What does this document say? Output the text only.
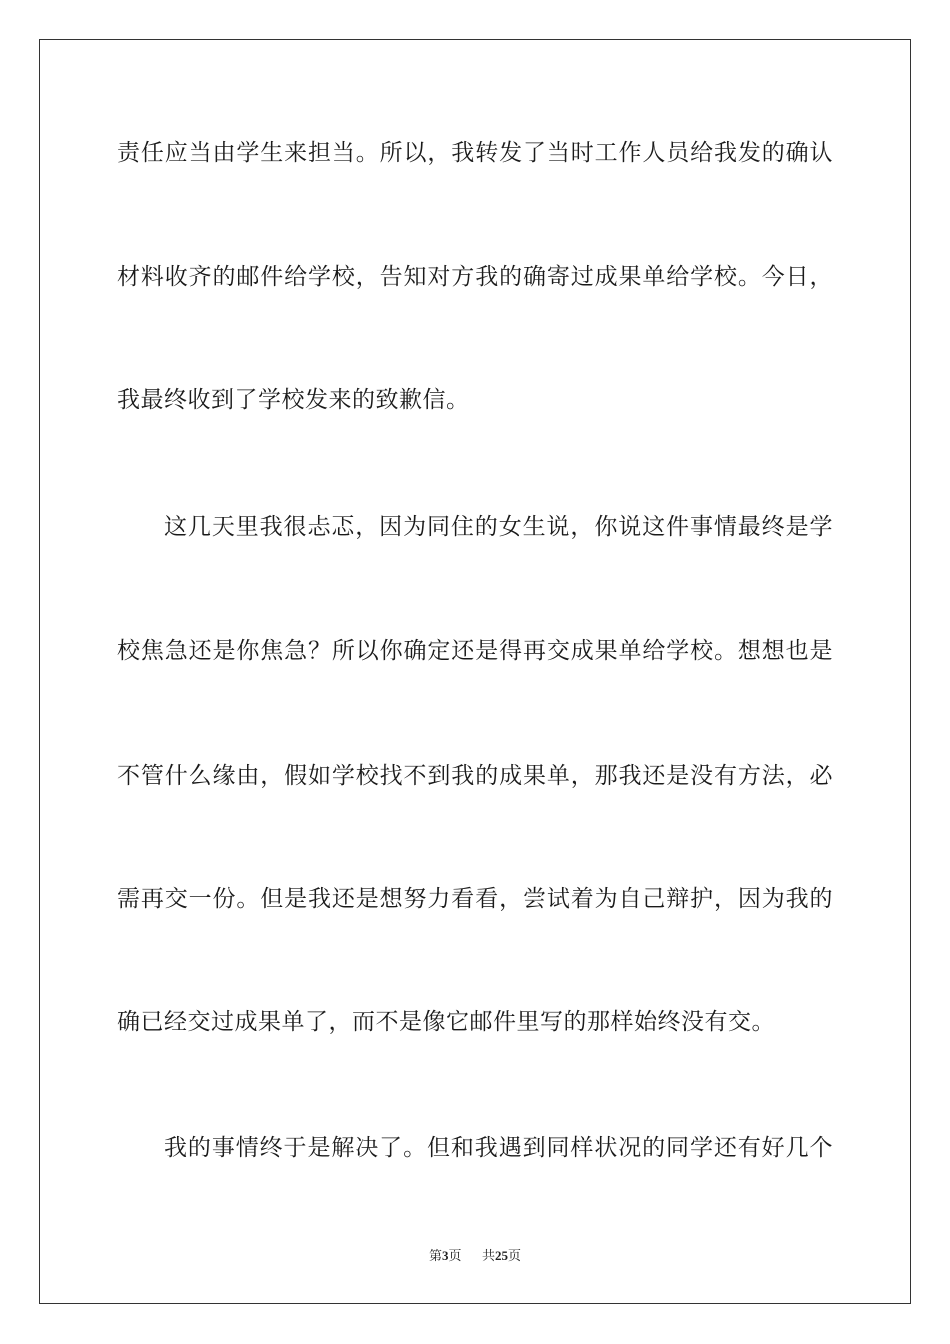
责任应当由学生来担当。所以，我转发了当时工作人员给我发的确认
材料收齐的邮件给学校，告知对方我的确寄过成果单给学校。今日，
我最终收到了学校发来的致歉信。
这几天里我很忐忑，因为同住的女生说，你说这件事情最终是学
校焦急还是你焦急？所以你确定还是得再交成果单给学校。想想也是
不管什么缘由，假如学校找不到我的成果单，那我还是没有方法，必
需再交一份。但是我还是想努力看看，尝试着为自己辩护，因为我的
确已经交过成果单了，而不是像它邮件里写的那样始终没有交。
我的事情终于是解决了。但和我遇到同样状况的同学还有好几个
第3页 共25页
